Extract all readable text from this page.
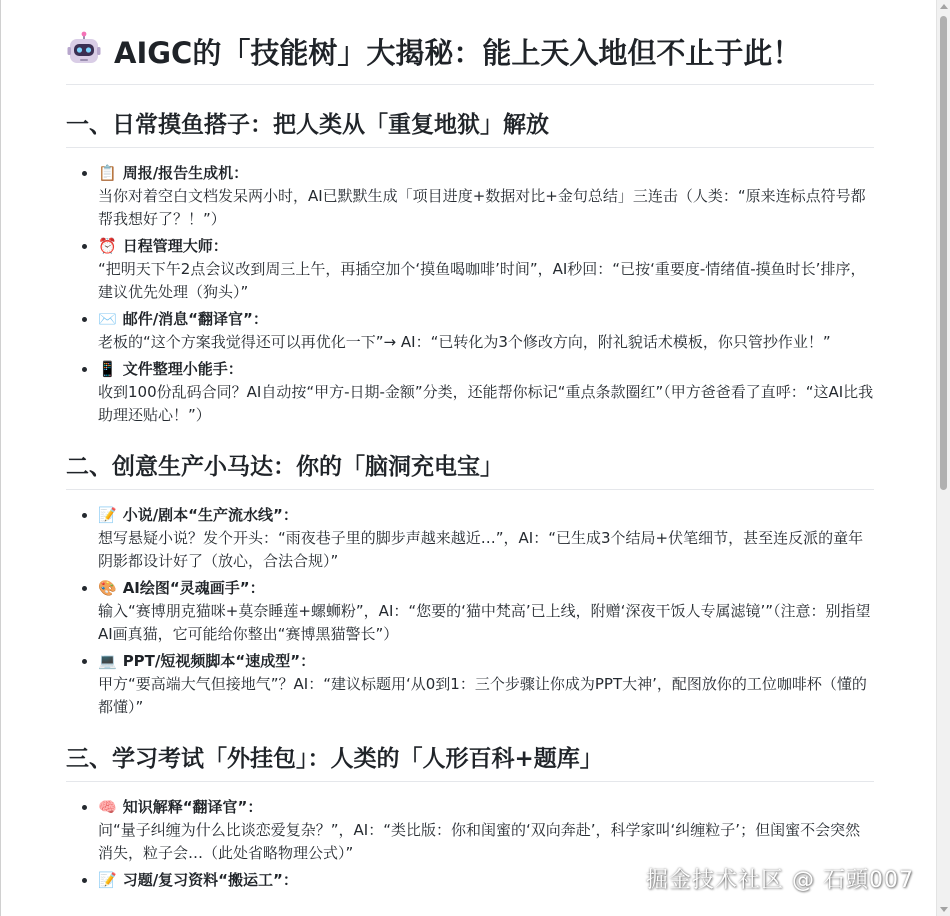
AIGC的「技能树」大揭秘：能上天入地但不止于此！
一、日常摸鱼搭子：把人类从「重复地狱」解放
• 📋 周报/报告生成机：
当你对着空白文档发呆两小时，AI已默默生成「项目进度+数据对比+金句总结」三连击（人类：“原来连标点符号都帮我想好了？！”）
• ⏰ 日程管理大师：
“把明天下午2点会议改到周三上午，再插空加个‘摸鱼喝咖啡’时间”，AI秒回：“已按‘重要度-情绪值-摸鱼时长’排序，建议优先处理（狗头）”
• ✉️ 邮件/消息“翻译官”：
老板的“这个方案我觉得还可以再优化一下”→ AI：“已转化为3个修改方向，附礼貌话术模板，你只管抄作业！”
• 📱 文件整理小能手：
收到100份乱码合同？AI自动按“甲方-日期-金额”分类，还能帮你标记“重点条款圈红”（甲方爸爸看了直呼：“这AI比我助理还贴心！”）
二、创意生产小马达：你的「脑洞充电宝」
• 📝 小说/剧本“生产流水线”：
想写悬疑小说？发个开头：“雨夜巷子里的脚步声越来越近…”，AI：“已生成3个结局+伏笔细节，甚至连反派的童年阴影都设计好了（放心，合法合规）”
• 🎨 AI绘图“灵魂画手”：
输入“赛博朋克猫咪+莫奈睡莲+螺蛳粉”，AI：“您要的‘猫中梵高’已上线，附赠‘深夜干饭人专属滤镜’”（注意：别指望AI画真猫，它可能给你整出“赛博黑猫警长”）
• 💻 PPT/短视频脚本“速成型”：
甲方“要高端大气但接地气”？AI：“建议标题用‘从0到1：三个步骤让你成为PPT大神’，配图放你的工位咖啡杯（懂的都懂）”
三、学习考试「外挂包」：人类的「人形百科+题库」
• 🧠 知识解释“翻译官”：
问“量子纠缠为什么比谈恋爱复杂？”，AI：“类比版：你和闺蜜的‘双向奔赴’，科学家叫‘纠缠粒子’；但闺蜜不会突然消失，粒子会…（此处省略物理公式）”
• 📝 习题/复习资料“搬运工”：	掘金技术社区 @ 石頭007
